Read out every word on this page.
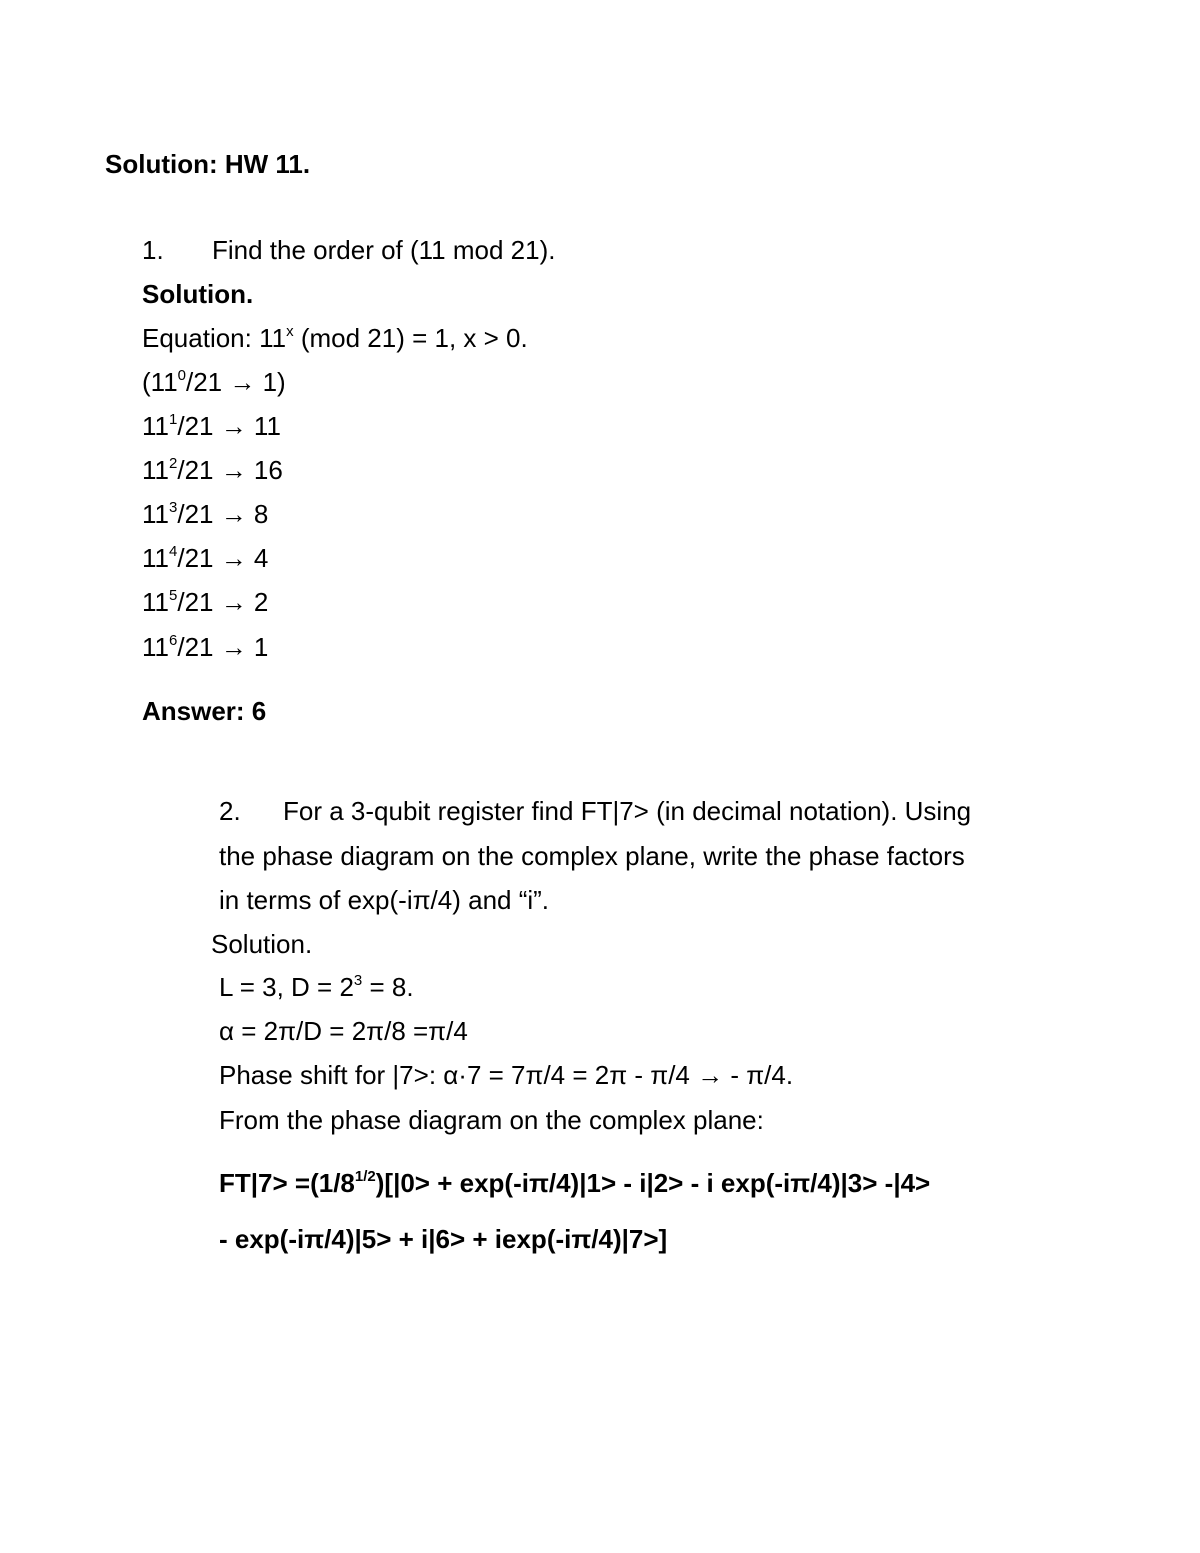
Solution: HW 11.
1. Find the order of (11 mod 21).
Solution.
Equation: 11$^x$ (mod 21) = 1, x > 0.
$(11^0/21 \to 1)$
$11^1/21 \to 11$
$11^2/21 \to 16$
$11^3/21 \to 8$
$11^4/21 \to 4$
$11^5/21 \to 2$
$11^6/21 \to 1$
Answer: 6
2. For a 3-qubit register find FT|7> (in decimal notation). Using
the phase diagram on the complex plane, write the phase factors
in terms of exp(-iπ/4) and “i”.
Solution.
L = 3, $D = 2^3 = 8$.
α = 2π/D = 2π/8 =π/4
Phase shift for |7>: α·7 = 7π/4 = 2π - π/4 → - π/4.
From the phase diagram on the complex plane:
$FT|7> =(1/8^{1/2})[|0> + \exp(-i\pi/4)|1> - i|2> - i$ exp(-iπ/4)|3> -|4>
- exp(-iπ/4)|5> + i|6> + iexp(-iπ/4)|7>]
